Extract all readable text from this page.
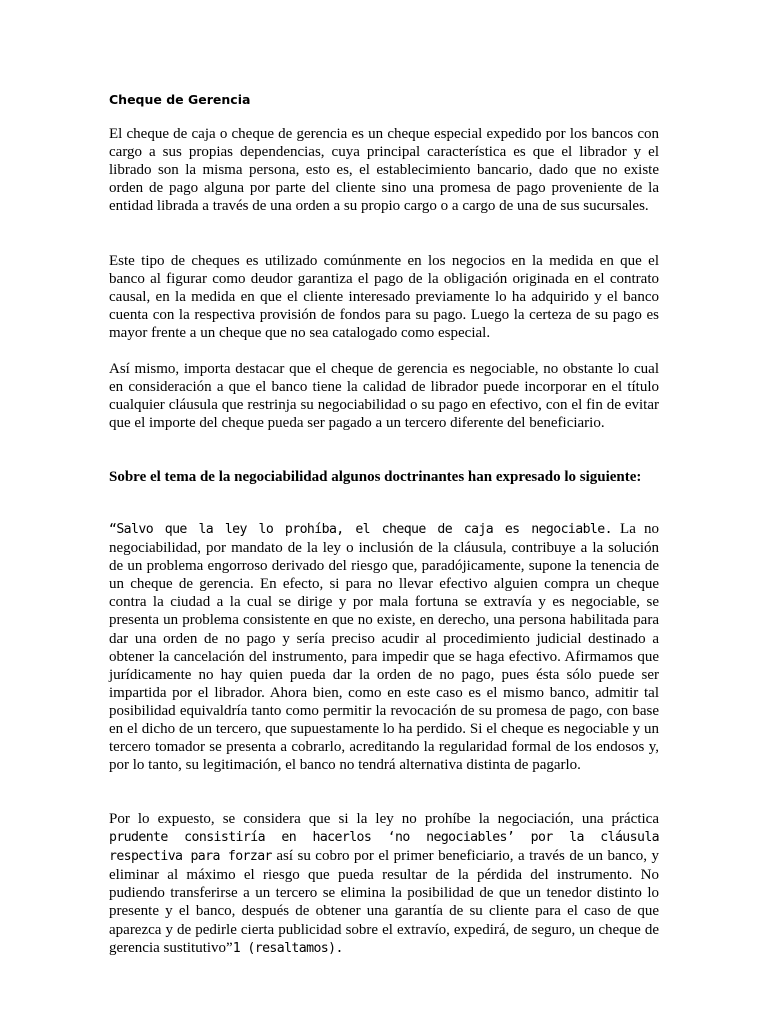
Cheque de Gerencia

El cheque de caja o cheque de gerencia es un cheque especial expedido por los bancos con cargo a sus propias dependencias, cuya principal característica es que el librador y el librado son la misma persona, esto es, el establecimiento bancario, dado que no existe orden de pago alguna por parte del cliente sino una promesa de pago proveniente de la entidad librada a través de una orden a su propio cargo o a cargo de una de sus sucursales.

Este tipo de cheques es utilizado comúnmente en los negocios en la medida en que el banco al figurar como deudor garantiza el pago de la obligación originada en el contrato causal, en la medida en que el cliente interesado previamente lo ha adquirido y el banco cuenta con la respectiva provisión de fondos para su pago. Luego la certeza de su pago es mayor frente a un cheque que no sea catalogado como especial.

Así mismo, importa destacar que el cheque de gerencia es negociable, no obstante lo cual en consideración a que el banco tiene la calidad de librador puede incorporar en el título cualquier cláusula que restrinja su negociabilidad o su pago en efectivo, con el fin de evitar que el importe del cheque pueda ser pagado a un tercero diferente del beneficiario.

Sobre el tema de la negociabilidad algunos doctrinantes han expresado lo siguiente:

“Salvo que la ley lo prohíba, el cheque de caja es negociable. La no negociabilidad, por mandato de la ley o inclusión de la cláusula, contribuye a la solución de un problema engorroso derivado del riesgo que, paradójicamente, supone la tenencia de un cheque de gerencia. En efecto, si para no llevar efectivo alguien compra un cheque contra la ciudad a la cual se dirige y por mala fortuna se extravía y es negociable, se presenta un problema consistente en que no existe, en derecho, una persona habilitada para dar una orden de no pago y sería preciso acudir al procedimiento judicial destinado a obtener la cancelación del instrumento, para impedir que se haga efectivo. Afirmamos que jurídicamente no hay quien pueda dar la orden de no pago, pues ésta sólo puede ser impartida por el librador. Ahora bien, como en este caso es el mismo banco, admitir tal posibilidad equivaldría tanto como permitir la revocación de su promesa de pago, con base en el dicho de un tercero, que supuestamente lo ha perdido. Si el cheque es negociable y un tercero tomador se presenta a cobrarlo, acreditando la regularidad formal de los endosos y, por lo tanto, su legitimación, el banco no tendrá alternativa distinta de pagarlo.

Por lo expuesto, se considera que si la ley no prohíbe la negociación, una práctica prudente consistiría en hacerlos ‘no negociables’ por la cláusula respectiva para forzar así su cobro por el primer beneficiario, a través de un banco, y eliminar al máximo el riesgo que pueda resultar de la pérdida del instrumento. No pudiendo transferirse a un tercero se elimina la posibilidad de que un tenedor distinto lo presente y el banco, después de obtener una garantía de su cliente para el caso de que aparezca y de pedirle cierta publicidad sobre el extravío, expedirá, de seguro, un cheque de gerencia sustitutivo”1 (resaltamos).
